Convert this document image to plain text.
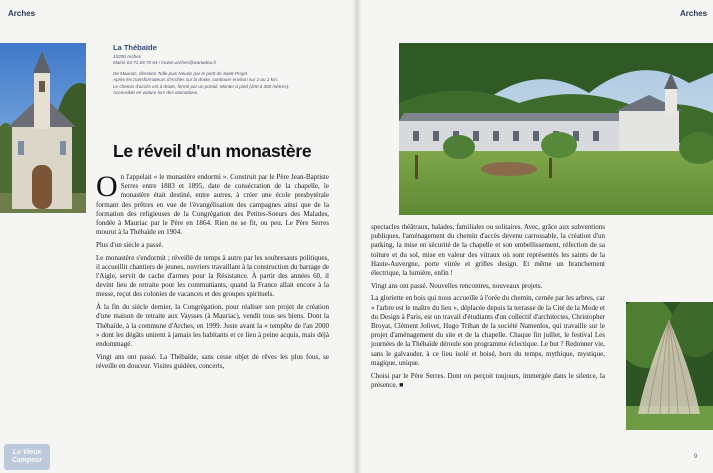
Arches
La Thébaïde
15200 Arches
Mairie 04 71 69 70 64 / mairie.arches@wanadoo.fr
De Mauriac, direction Tulle puis Neuvic par le pont de Saint-Projet.
Après les transformateurs d'Arches sur la droite, continuer environ sur 1 ou 2 km.
Le chemin d'accès est à droite, fermé par un portail. Monter à pied (200 à 300 mètres).
Accessible en voiture lors des animations.
Le réveil d'un monastère

On l'appelait « le monastère endormi ». Construit par le Père Jean-Baptiste Serres entre 1883 et 1895, date de consécration de la chapelle, le monastère était destiné, entre autres, à créer une école presbytérale formant des prêtres en vue de l'évangélisation des campagnes ainsi que de la formation des religieuses de la Congrégation des Petites-Soeurs des Malades, fondée à Mauriac par le Père en 1864. Rien ne se fit, ou peu. Le Père Serres mourut à la Thébaïde en 1904.

Plus d'un siècle a passé.

Le monastère s'endormit ; réveillé de temps à autre par les soubresauts politiques, il accueillit chantiers de jeunes, ouvriers travaillant à la construction du barrage de l'Aigle, servit de cache d'armes pour la Résistance. À partir des années 60, il devint lieu de retraite pour les communiants, quand la France allait encore à la messe, reçut des colonies de vacances et des groupes spirituels.

À la fin du siècle dernier, la Congrégation, pour réaliser son projet de création d'une maison de retraite aux Vaysses (à Mauriac), vendit tous ses biens. Dont la Thébaïde, à la commune d'Arches, en 1999. Juste avant la « tempête de l'an 2000 » dont les dégâts unirent à jamais les habitants et ce lieu à peine acquis, mais déjà endommagé.

Vingt ans ont passé. La Thébaïde, sans cesse objet de rêves les plus fous, se réveille en douceur. Visites guidées, concerts,

Le Vieux Campeur
Arches

spectacles théâtraux, balades, familiales ou solitaires. Avec, grâce aux subventions publiques, l'aménagement du chemin d'accès devenu carrossable, la création d'un parking, la mise en sécurité de la chapelle et son embellissement, réfection de sa toiture et du sol, mise en valeur des vitraux où sont représentés les saints de la Haute-Auvergne, porte vitrée et grilles design. Et même un branchement électrique, la lumière, enfin !

Vingt ans ont passé. Nouvelles rencontres, nouveaux projets.

La gloriette en bois qui nous accueille à l'orée du chemin, cernée par les arbres, car « l'arbre est le maître du lieu », déplacée depuis la terrasse de la Cité de la Mode et du Design à Paris, est un travail d'étudiants d'un collectif d'architectes, Christopher Broyat, Clément Jolivet, Hugo Trihan de la société Namenlos, qui travaille sur le projet d'aménagement du site et de la chapelle. Chaque fin juillet, le festival Les journées de la Thébaïde déroule son programme éclectique. Le but ? Redonner vie, sans le galvauder, à ce lieu isolé et boisé, hors du temps, mythique, mystique, magique, unique.

Choisi par le Père Serres. Dont on perçoit toujours, immergée dans le silence, la présence. ■

9
